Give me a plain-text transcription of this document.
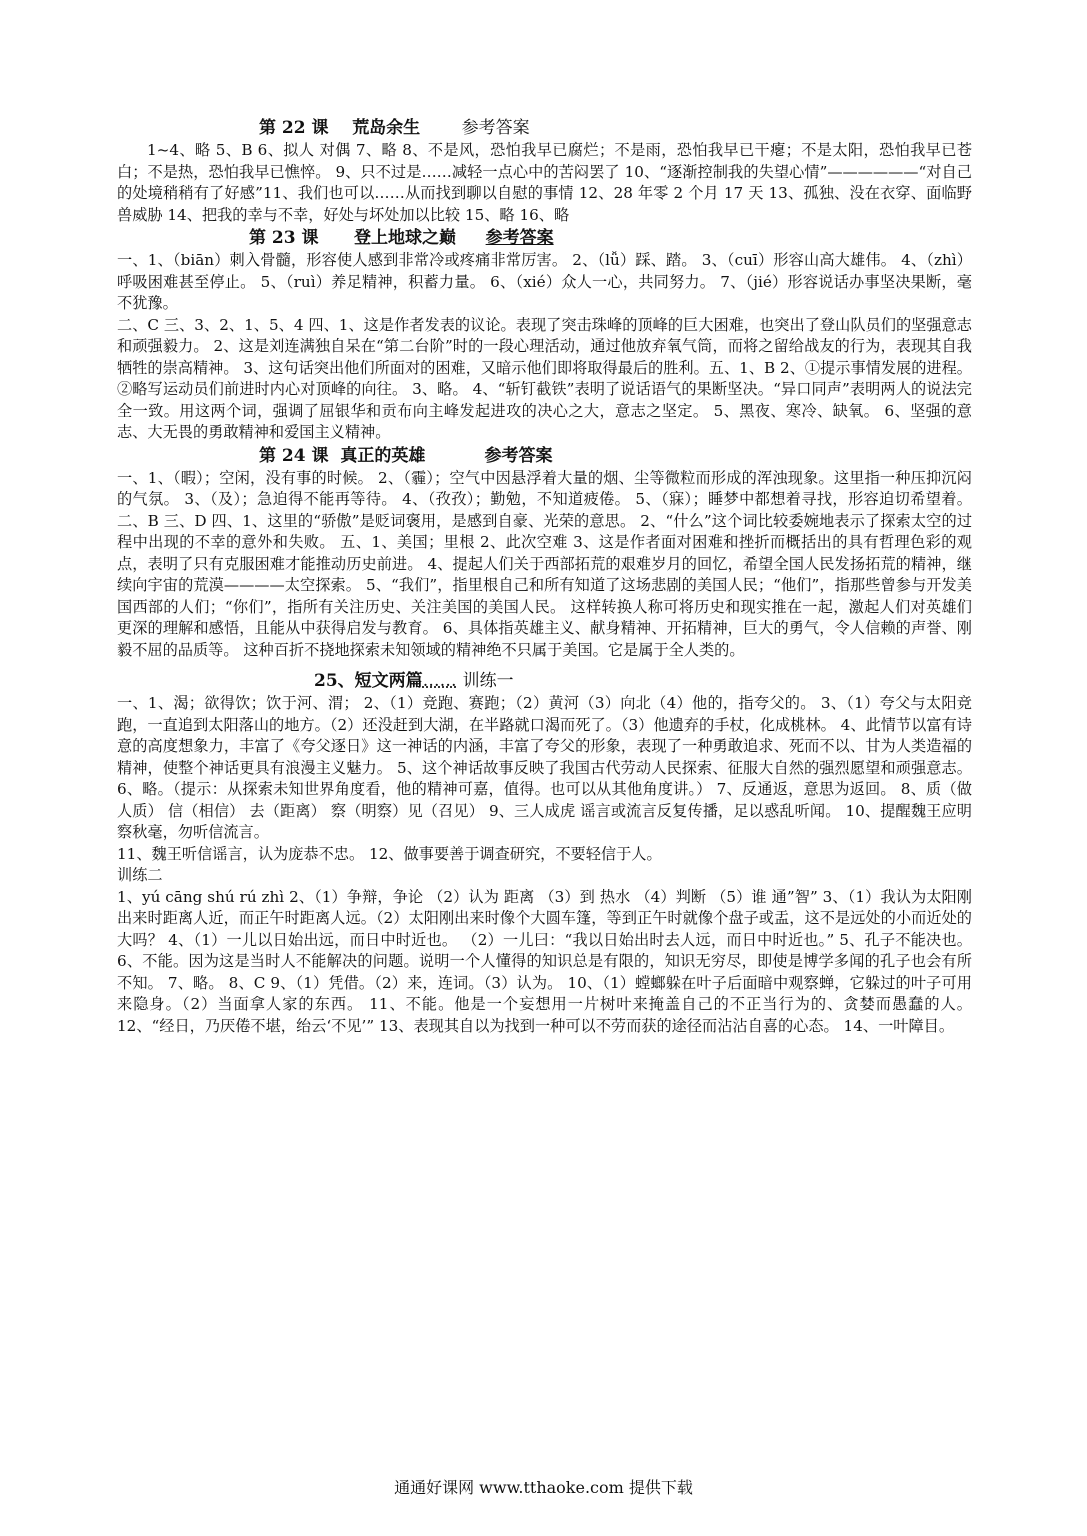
第 22 课 荒岛余生 参考答案

1~4、略 5、B 6、拟人 对偶 7、略 8、不是风，恐怕我早已腐烂；不是雨，恐怕我早已干瘪；不是太阳，恐怕我早已苍白；不是热，恐怕我早已憔悴。 9、只不过是……减轻一点心中的苦闷罢了 10、“逐渐控制我的失望心情”——————“对自己的处境稍稍有了好感”11、我们也可以……从而找到聊以自慰的事情 12、28 年零 2 个月 17 天 13、孤独、没在衣穿、面临野兽威胁 14、把我的幸与不幸，好处与坏处加以比较 15、略 16、略

第 23 课 登上地球之巅 参考答案

一、1、（biān）刺入骨髓，形容使人感到非常冷或疼痛非常厉害。 2、（lǚ）踩、踏。 3、（cuī）形容山高大雄伟。 4、（zhì）呼吸困难甚至停止。 5、（ruì）养足精神，积蓄力量。 6、（xié）众人一心，共同努力。 7、（jié）形容说话办事坚决果断，毫不犹豫。

二、C 三、3、2、1、5、4 四、1、这是作者发表的议论。表现了突击珠峰的顶峰的巨大困难，也突出了登山队员们的坚强意志和顽强毅力。 2、这是刘连满独自呆在“第二台阶”时的一段心理活动，通过他放弃氧气筒，而将之留给战友的行为，表现其自我牺牲的崇高精神。 3、这句话突出他们所面对的困难，又暗示他们即将取得最后的胜利。五、1、B 2、①提示事情发展的进程。②略写运动员们前进时内心对顶峰的向往。 3、略。 4、“斩钉截铁”表明了说话语气的果断坚决。“异口同声”表明两人的说法完全一致。用这两个词，强调了屈银华和贡布向主峰发起进攻的决心之大，意志之坚定。 5、黑夜、寒冷、缺氧。 6、坚强的意志、大无畏的勇敢精神和爱国主义精神。

第 24 课 真正的英雄	参考答案

一、1、（暇）；空闲，没有事的时候。 2、（霾）；空气中因悬浮着大量的烟、尘等微粒而形成的浑浊现象。这里指一种压抑沉闷的气氛。 3、（及）；急迫得不能再等待。 4、（孜孜）；勤勉，不知道疲倦。 5、（寐）；睡梦中都想着寻找，形容迫切希望着。 二、B 三、D 四、1、这里的“骄傲”是贬词褒用，是感到自豪、光荣的意思。 2、“什么”这个词比较委婉地表示了探索太空的过程中出现的不幸的意外和失败。 五、1、美国；里根 2、此次空难 3、这是作者面对困难和挫折而概括出的具有哲理色彩的观点，表明了只有克服困难才能推动历史前进。 4、提起人们关于西部拓荒的艰难岁月的回忆，希望全国人民发扬拓荒的精神，继续向宇宙的荒漠————太空探索。 5、“我们”，指里根自己和所有知道了这场悲剧的美国人民；“他们”，指那些曾参与开发美国西部的人们；“你们”，指所有关注历史、关注美国的美国人民。 这样转换人称可将历史和现实推在一起，激起人们对英雄们更深的理解和感悟，且能从中获得启发与教育。 6、具体指英雄主义、献身精神、开拓精神，巨大的勇气，令人信赖的声誉、刚毅不屈的品质等。 这种百折不挠地探索未知领域的精神绝不只属于美国。它是属于全人类的。

25、短文两篇…… 训练一

一、1、渴；欲得饮；饮于河、渭； 2、（1）竞跑、赛跑；（2）黄河（3）向北（4）他的，指夸父的。 3、（1）夸父与太阳竞跑，一直追到太阳落山的地方。（2）还没赶到大湖，在半路就口渴而死了。（3）他遗弃的手杖，化成桃林。 4、此情节以富有诗意的高度想象力，丰富了《夸父逐日》这一神话的内涵，丰富了夸父的形象，表现了一种勇敢追求、死而不以、甘为人类造福的精神，使整个神话更具有浪漫主义魅力。 5、这个神话故事反映了我国古代劳动人民探索、征服大自然的强烈愿望和顽强意志。 6、略。（提示：从探索未知世界角度看，他的精神可嘉，值得。也可以从其他角度讲。） 7、反通返，意思为返回。 8、质（做人质） 信（相信） 去（距离） 察（明察）见（召见） 9、三人成虎 谣言或流言反复传播，足以惑乱听闻。 10、提醒魏王应明察秋毫，勿听信流言。

11、魏王听信谣言，认为庞恭不忠。 12、做事要善于调查研究，不要轻信于人。

训练二

1、yú cāng shú rú zhì 2、（1）争辩，争论 （2）认为 距离 （3）到 热水 （4）判断 （5）谁 通”智” 3、（1）我认为太阳刚出来时距离人近，而正午时距离人远。（2）太阳刚出来时像个大圆车篷，等到正午时就像个盘子或盂，这不是远处的小而近处的大吗？ 4、（1）一儿以日始出远，而日中时近也。 （2）一儿曰：“我以日始出时去人远，而日中时近也。” 5、孔子不能决也。 6、不能。因为这是当时人不能解决的问题。说明一个人懂得的知识总是有限的，知识无穷尽，即使是博学多闻的孔子也会有所不知。 7、略。 8、C 9、（1）凭借。（2）来，连词。（3）认为。 10、（1）螳螂躲在叶子后面暗中观察蝉，它躲过的叶子可用来隐身。（2）当面拿人家的东西。 11、不能。他是一个妄想用一片树叶来掩盖自己的不正当行为的、贪婪而愚蠢的人。 12、“经日，乃厌倦不堪，绐云‘不见’” 13、表现其自以为找到一种可以不劳而获的途径而沾沾自喜的心态。 14、一叶障目。

通通好课网 www.tthaoke.com 提供下载
